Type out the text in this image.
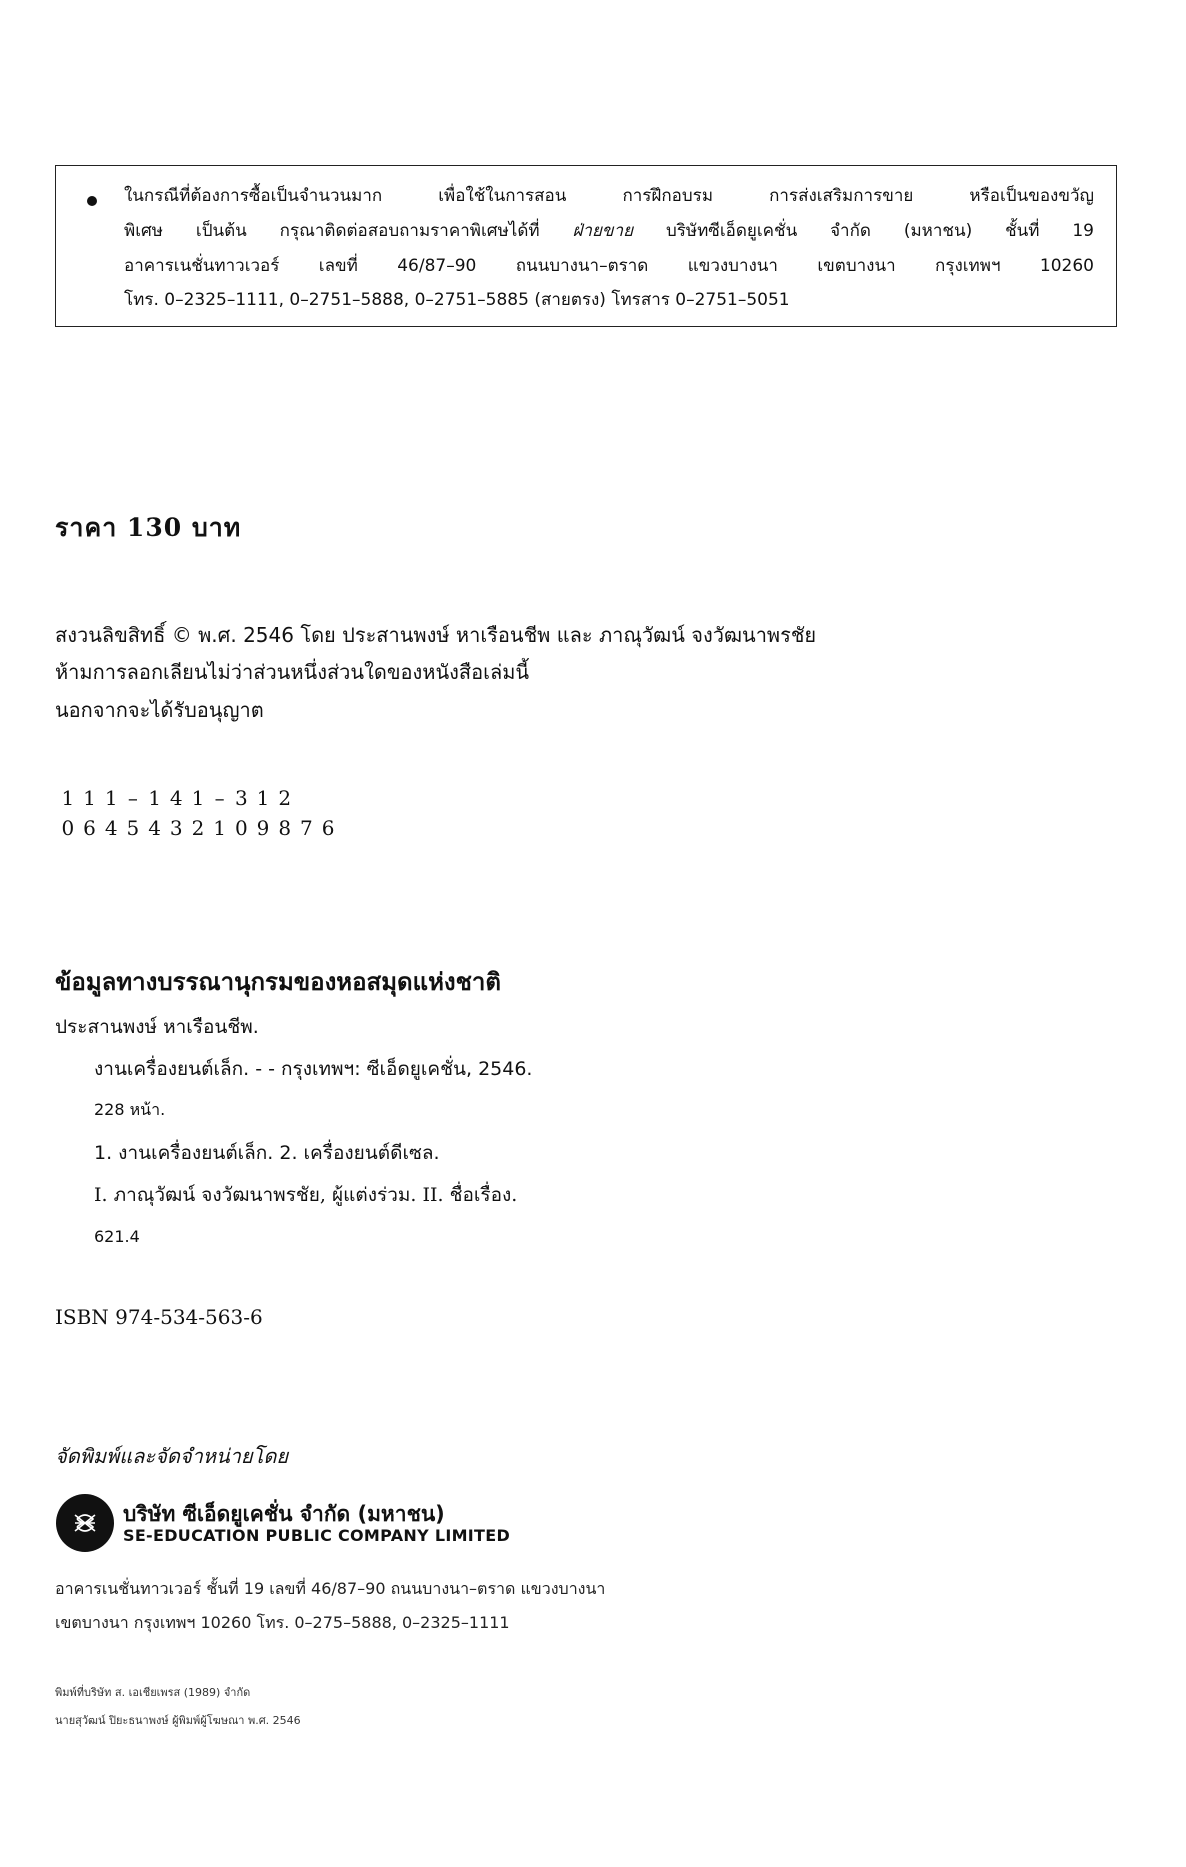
ในกรณีที่ต้องการซื้อเป็นจำนวนมาก เพื่อใช้ในการสอน การฝึกอบรม การส่งเสริมการขาย หรือเป็นของขวัญ
พิเศษ เป็นต้น กรุณาติดต่อสอบถามราคาพิเศษได้ที่ ฝ่ายขาย บริษัทซีเอ็ดยูเคชั่น จำกัด (มหาชน) ชั้นที่ 19
อาคารเนชั่นทาวเวอร์ เลขที่ 46/87–90 ถนนบางนา–ตราด แขวงบางนา เขตบางนา กรุงเทพฯ 10260
โทร. 0–2325–1111, 0–2751–5888, 0–2751–5885 (สายตรง) โทรสาร 0–2751–5051
ราคา 130 บาท
สงวนลิขสิทธิ์ © พ.ศ. 2546 โดย ประสานพงษ์ หาเรือนชีพ และ ภาณุวัฒน์ จงวัฒนาพรชัย
ห้ามการลอกเลียนไม่ว่าส่วนหนึ่งส่วนใดของหนังสือเล่มนี้
นอกจากจะได้รับอนุญาต
1 1 1 – 1 4 1 – 3 1 2
0 6 4 5 4 3 2 1 0 9 8 7 6
ข้อมูลทางบรรณานุกรมของหอสมุดแห่งชาติ
ประสานพงษ์ หาเรือนชีพ.
งานเครื่องยนต์เล็ก. - - กรุงเทพฯ: ซีเอ็ดยูเคชั่น, 2546.
228 หน้า.
1. งานเครื่องยนต์เล็ก. 2. เครื่องยนต์ดีเซล.
I. ภาณุวัฒน์ จงวัฒนาพรชัย, ผู้แต่งร่วม. II. ชื่อเรื่อง.
621.4
ISBN 974-534-563-6
จัดพิมพ์และจัดจำหน่ายโดย
บริษัท ซีเอ็ดยูเคชั่น จำกัด (มหาชน)
SE-EDUCATION PUBLIC COMPANY LIMITED
อาคารเนชั่นทาวเวอร์ ชั้นที่ 19 เลขที่ 46/87–90 ถนนบางนา–ตราด แขวงบางนา
เขตบางนา กรุงเทพฯ 10260 โทร. 0–275–5888, 0–2325–1111
พิมพ์ที่บริษัท ส. เอเชียเพรส (1989) จำกัด
นายสุวัฒน์ ปิยะธนาพงษ์ ผู้พิมพ์ผู้โฆษณา พ.ศ. 2546
